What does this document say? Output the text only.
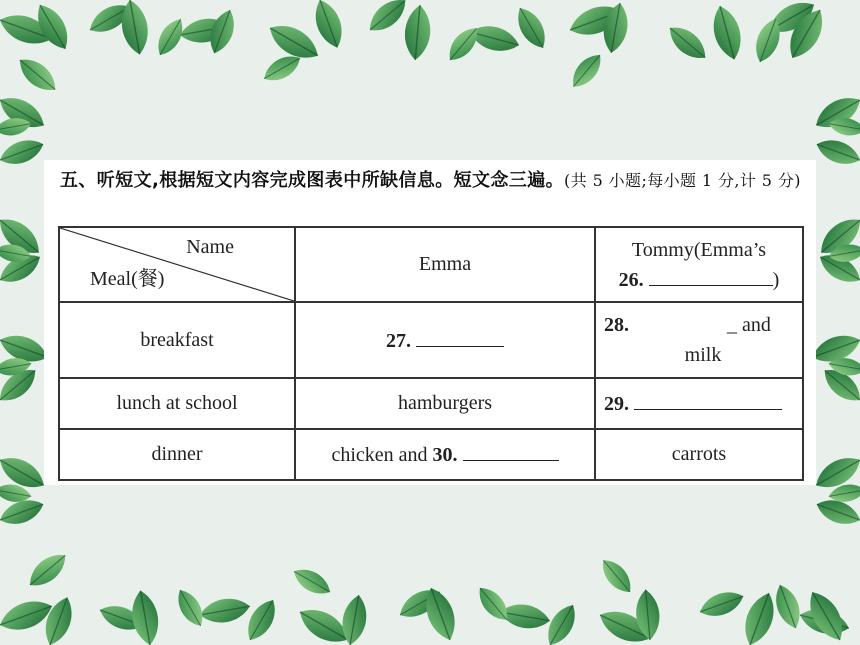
五、听短文,根据短文内容完成图表中所缺信息。短文念三遍。(共 5 小题;每小题 1 分,计 5 分)
Name
Meal(餐)	Emma	Tommy(Emma’s
26. )
breakfast	27.	28. _ and
milk

lunch at school	hamburgers	29.
dinner	chicken and 30.	carrots
